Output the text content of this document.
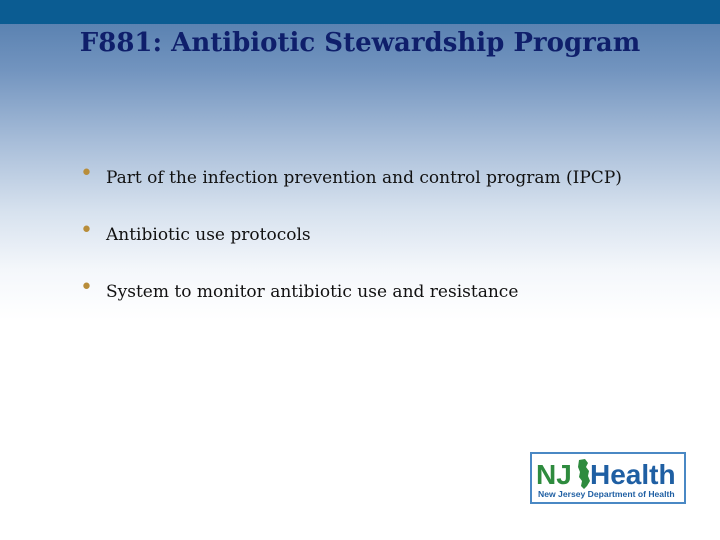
F881: Antibiotic Stewardship Program
• Part of the infection prevention and control program (IPCP)
• Antibiotic use protocols
• System to monitor antibiotic use and resistance
NJ Health
New Jersey Department of Health
